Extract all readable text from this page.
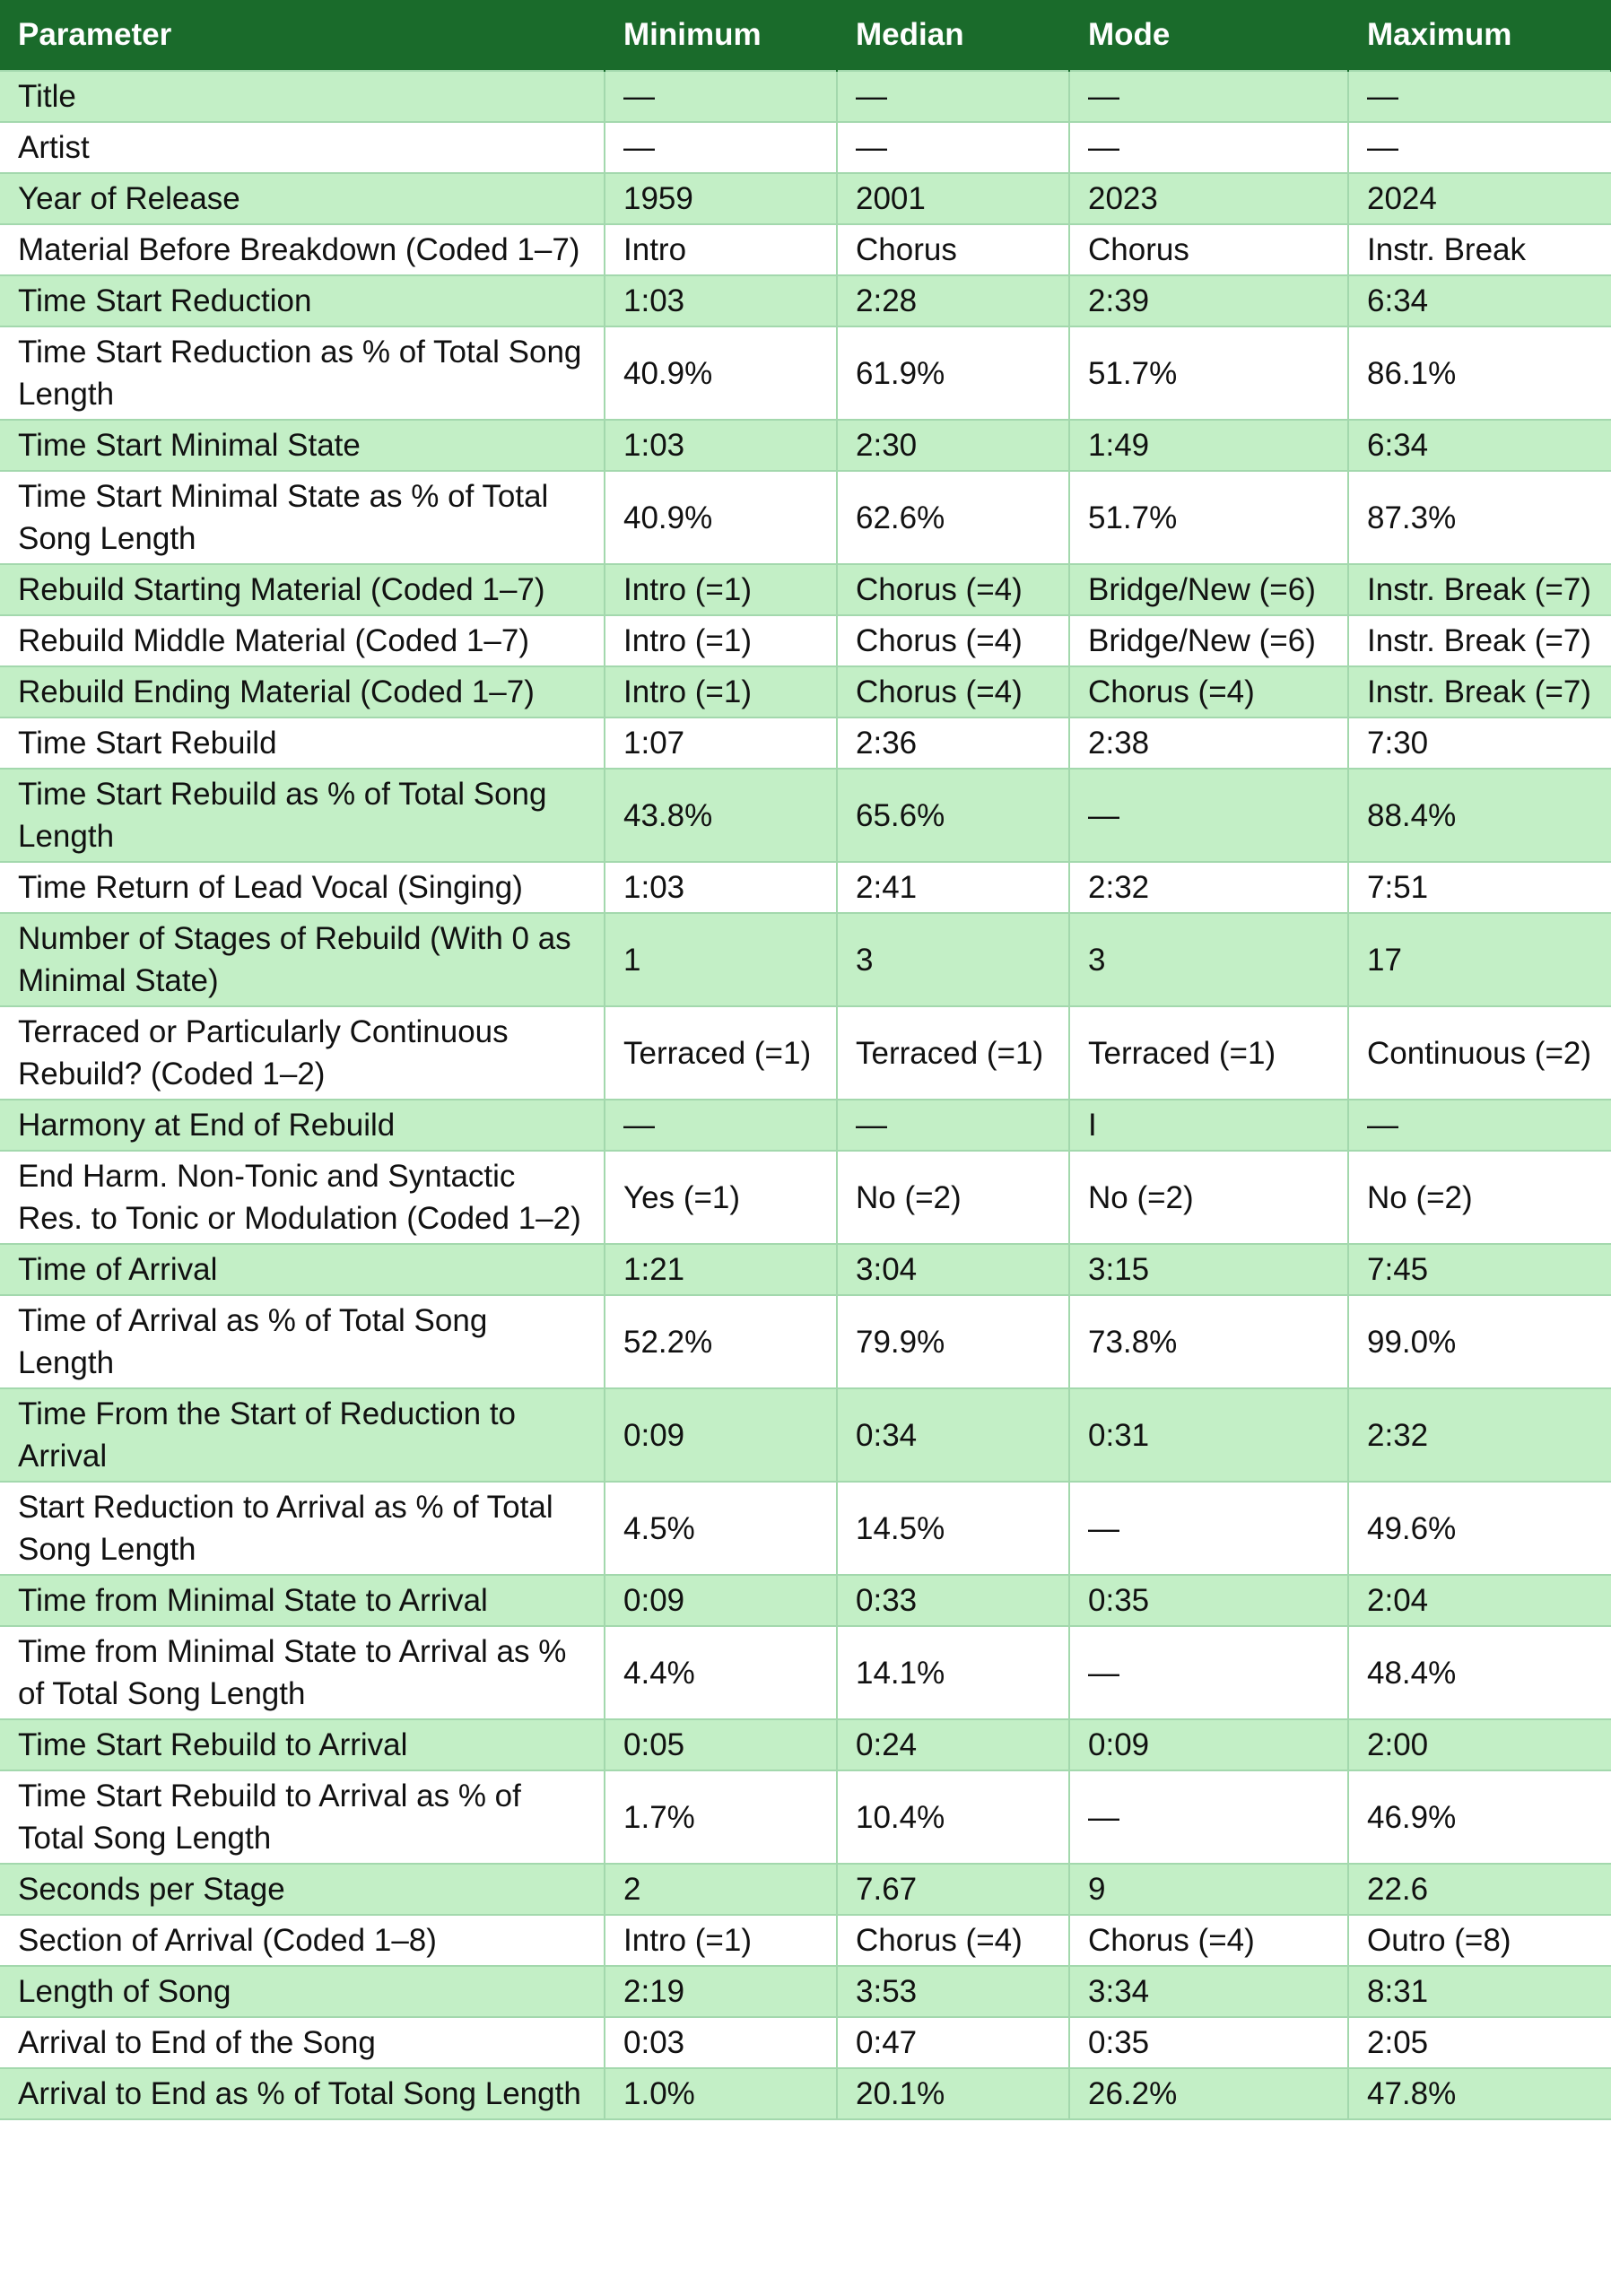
Parameter	Minimum	Median	Mode	Maximum
Title	—	—	—	—
Artist	—	—	—	—
Year of Release	1959	2001	2023	2024
Material Before Breakdown (Coded 1–7)	Intro	Chorus	Chorus	Instr. Break
Time Start Reduction	1:03	2:28	2:39	6:34
Time Start Reduction as % of Total Song Length	40.9%	61.9%	51.7%	86.1%
Time Start Minimal State	1:03	2:30	1:49	6:34
Time Start Minimal State as % of Total Song Length	40.9%	62.6%	51.7%	87.3%
Rebuild Starting Material (Coded 1–7)	Intro (=1)	Chorus (=4)	Bridge/New (=6)	Instr. Break (=7)
Rebuild Middle Material (Coded 1–7)	Intro (=1)	Chorus (=4)	Bridge/New (=6)	Instr. Break (=7)
Rebuild Ending Material (Coded 1–7)	Intro (=1)	Chorus (=4)	Chorus (=4)	Instr. Break (=7)
Time Start Rebuild	1:07	2:36	2:38	7:30
Time Start Rebuild as % of Total Song Length	43.8%	65.6%	—	88.4%
Time Return of Lead Vocal (Singing)	1:03	2:41	2:32	7:51
Number of Stages of Rebuild (With 0 as Minimal State)	1	3	3	17
Terraced or Particularly Continuous Rebuild? (Coded 1–2)	Terraced (=1)	Terraced (=1)	Terraced (=1)	Continuous (=2)
Harmony at End of Rebuild	—	—	I	—
End Harm. Non-Tonic and Syntactic Res. to Tonic or Modulation (Coded 1–2)	Yes (=1)	No (=2)	No (=2)	No (=2)
Time of Arrival	1:21	3:04	3:15	7:45
Time of Arrival as % of Total Song Length	52.2%	79.9%	73.8%	99.0%
Time From the Start of Reduction to Arrival	0:09	0:34	0:31	2:32
Start Reduction to Arrival as % of Total Song Length	4.5%	14.5%	—	49.6%
Time from Minimal State to Arrival	0:09	0:33	0:35	2:04
Time from Minimal State to Arrival as % of Total Song Length	4.4%	14.1%	—	48.4%
Time Start Rebuild to Arrival	0:05	0:24	0:09	2:00
Time Start Rebuild to Arrival as % of Total Song Length	1.7%	10.4%	—	46.9%
Seconds per Stage	2	7.67	9	22.6
Section of Arrival (Coded 1–8)	Intro (=1)	Chorus (=4)	Chorus (=4)	Outro (=8)
Length of Song	2:19	3:53	3:34	8:31
Arrival to End of the Song	0:03	0:47	0:35	2:05
Arrival to End as % of Total Song Length	1.0%	20.1%	26.2%	47.8%
